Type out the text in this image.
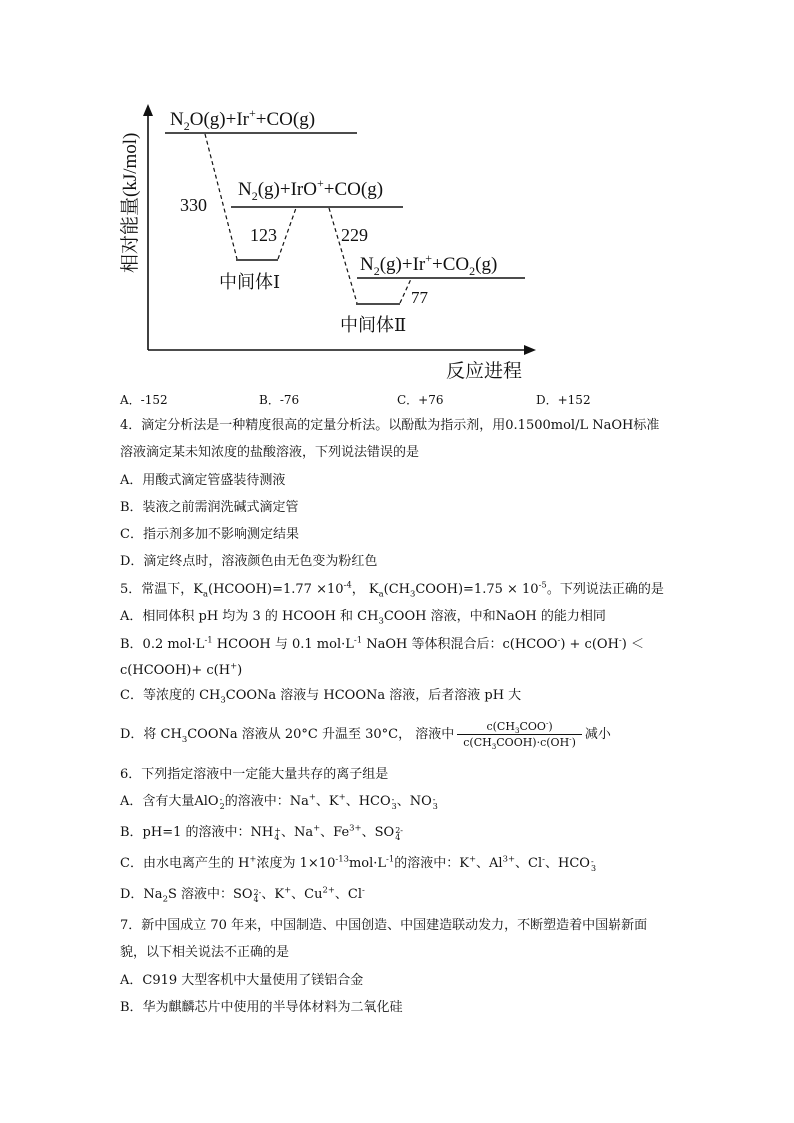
相对能量(kJ/mol)
反应进程
$N_2O(g)+Ir^++CO(g)$
$N_2(g)+IrO^++CO(g)$
$N_2(g)+Ir^++CO_2(g)$
330
123	229
77
中间体Ⅰ
中间体Ⅱ
A．-152	B．-76	C．+76	D．+152
4．滴定分析法是一种精度很高的定量分析法。以酚酞为指示剂，用0.1500mol/L NaOH标准
溶液滴定某未知浓度的盐酸溶液，下列说法错误的是
A．用酸式滴定管盛装待测液
B．装液之前需润洗碱式滴定管
C．指示剂多加不影响测定结果
D．滴定终点时，溶液颜色由无色变为粉红色
5．常温下，$K_a(HCOOH)=1.77 \times 10^{-4}$， $K_a(CH_3COOH)=1.75 \times 10^{-5}$。下列说法正确的是
A．相同体积 pH 均为 3 的 HCOOH 和 $CH_3COOH$ 溶液，中和NaOH 的能力相同
B．0.2 $mol\cdot L^{-1}$ HCOOH 与 0.1 $mol\cdot L^{-1}$ NaOH 等体积混合后：c(HCOO-) + c(OH-) ＜
c(HCOOH)+ c(H+)
C．等浓度的 $CH_3COONa$ 溶液与 HCOONa 溶液，后者溶液 pH 大
D．将 $CH_3COONa$ 溶液从 20°C 升温至 30°C， 溶液中 $\frac{c(CH_3COO^-)}{c(CH_3COOH)\cdot c(OH^-)}$ 减小
6．下列指定溶液中一定能大量共存的离子组是
A．含有大量AlO -
2 的溶液中：Na+、K+、HCO -
3 、NO -
3
B．pH=1 的溶液中：NH +
4 、Na+、$Fe^{3+}$、SO 2-
4
C．由水电离产生的 H+浓度为 $1\times 10^{-13}mol\cdot L^{-1}$的溶液中：K+、$Al^{3+}$、Cl-、HCO -
3
D．$Na_2S$ 溶液中：SO 2-
4 、K+、$Cu^{2+}$、Cl-
7．新中国成立 70 年来，中国制造、中国创造、中国建造联动发力，不断塑造着中国崭新面
貌，以下相关说法不正确的是
A．C919 大型客机中大量使用了镁铝合金
B．华为麒麟芯片中使用的半导体材料为二氧化硅
